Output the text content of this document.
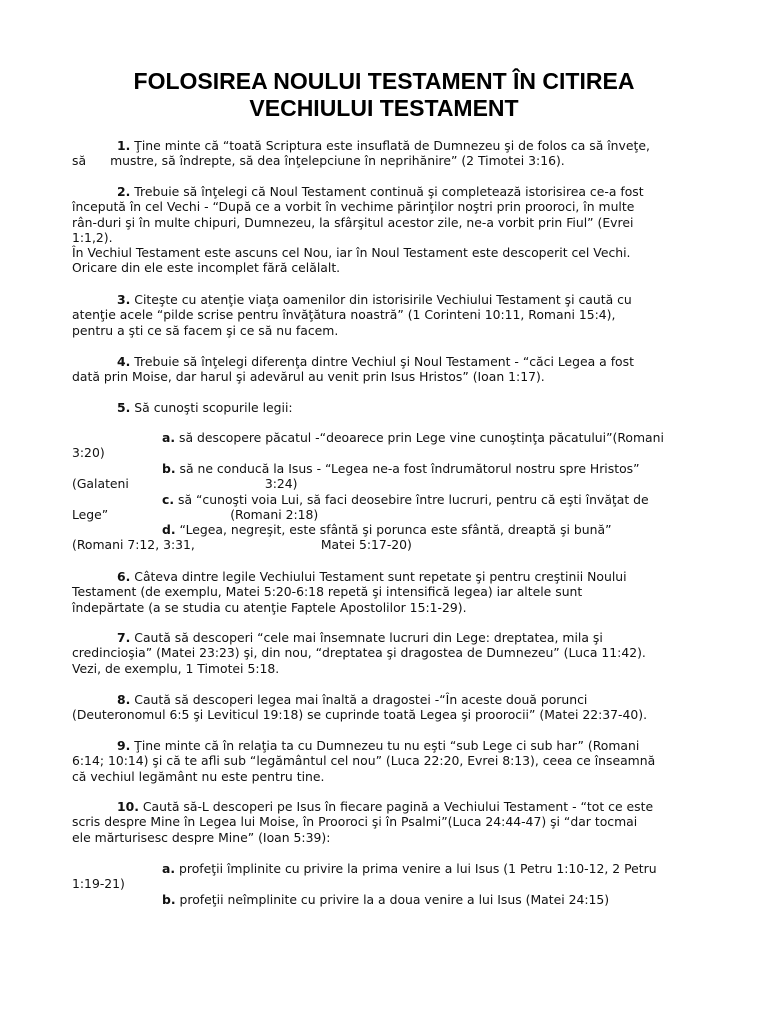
FOLOSIREA NOULUI TESTAMENT ÎN CITIREA
VECHIULUI TESTAMENT
1. Ţine minte că “toată Scriptura este insuflată de Dumnezeu şi de folos ca să înveţe,
să mustre, să îndrepte, să dea înţelepciune în neprihănire” (2 Timotei 3:16).
2. Trebuie să înţelegi că Noul Testament continuă şi completează istorisirea ce-a fost
începută în cel Vechi - “După ce a vorbit în vechime părinţilor noştri prin prooroci, în multe
rân-duri şi în multe chipuri, Dumnezeu, la sfârşitul acestor zile, ne-a vorbit prin Fiul” (Evrei
1:1,2).
În Vechiul Testament este ascuns cel Nou, iar în Noul Testament este descoperit cel Vechi.
Oricare din ele este incomplet fără celălalt.
3. Citeşte cu atenţie viaţa oamenilor din istorisirile Vechiului Testament şi caută cu
atenţie acele “pilde scrise pentru învăţătura noastră” (1 Corinteni 10:11, Romani 15:4),
pentru a şti ce să facem şi ce să nu facem.
4. Trebuie să înţelegi diferenţa dintre Vechiul şi Noul Testament - “căci Legea a fost
dată prin Moise, dar harul şi adevărul au venit prin Isus Hristos” (Ioan 1:17).
5. Să cunoşti scopurile legii:
a. să descopere păcatul -“deoarece prin Lege vine cunoştinţa păcatului”(Romani
3:20)
b. să ne conducă la Isus - “Legea ne-a fost îndrumătorul nostru spre Hristos”
(Galateni	3:24)
c. să “cunoşti voia Lui, să faci deosebire între lucruri, pentru că eşti învăţat de
Lege”	(Romani 2:18)
d. “Legea, negreşit, este sfântă şi porunca este sfântă, dreaptă şi bună”
(Romani 7:12, 3:31,	Matei 5:17-20)
6. Câteva dintre legile Vechiului Testament sunt repetate şi pentru creştinii Noului
Testament (de exemplu, Matei 5:20-6:18 repetă şi intensifică legea) iar altele sunt
îndepărtate (a se studia cu atenţie Faptele Apostolilor 15:1-29).
7. Caută să descoperi “cele mai însemnate lucruri din Lege: dreptatea, mila şi
credincioşia” (Matei 23:23) şi, din nou, “dreptatea şi dragostea de Dumnezeu” (Luca 11:42).
Vezi, de exemplu, 1 Timotei 5:18.
8. Caută să descoperi legea mai înaltă a dragostei -“În aceste două porunci
(Deuteronomul 6:5 şi Leviticul 19:18) se cuprinde toată Legea şi proorocii” (Matei 22:37-40).
9. Ţine minte că în relaţia ta cu Dumnezeu tu nu eşti “sub Lege ci sub har” (Romani
6:14; 10:14) şi că te afli sub “legământul cel nou” (Luca 22:20, Evrei 8:13), ceea ce înseamnă
că vechiul legământ nu este pentru tine.
10. Caută să-L descoperi pe Isus în fiecare pagină a Vechiului Testament - “tot ce este
scris despre Mine în Legea lui Moise, în Prooroci şi în Psalmi”(Luca 24:44-47) şi “dar tocmai
ele mărturisesc despre Mine” (Ioan 5:39):
a. profeţii împlinite cu privire la prima venire a lui Isus (1 Petru 1:10-12, 2 Petru
1:19-21)
b. profeţii neîmplinite cu privire la a doua venire a lui Isus (Matei 24:15)
